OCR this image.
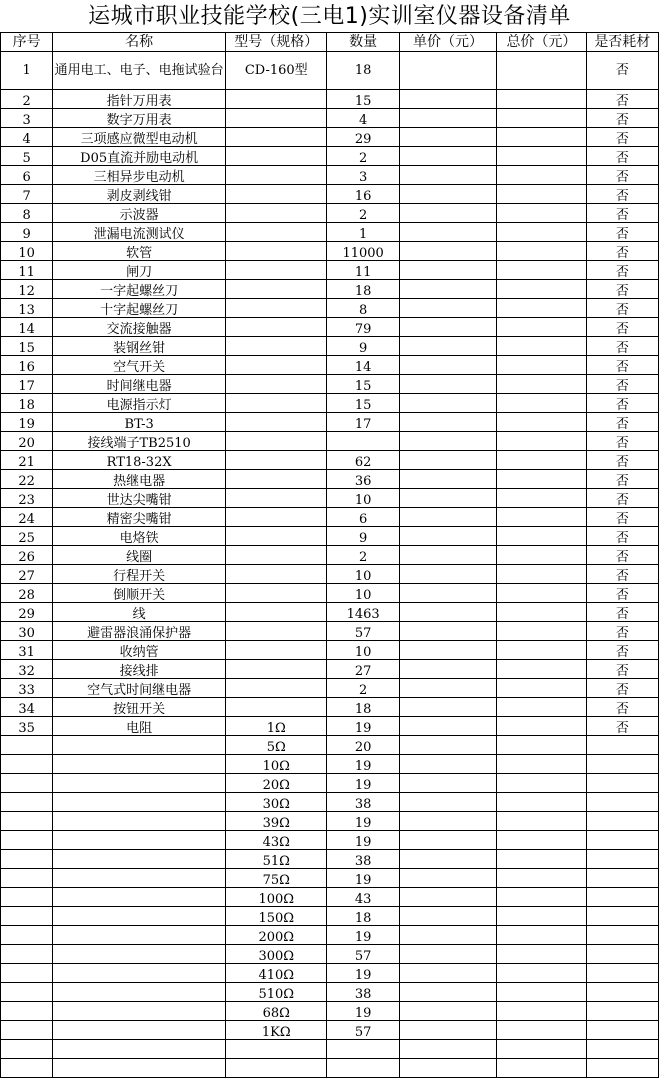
运城市职业技能学校(三电1)实训室仪器设备清单
序号	名称	型号（规格）	数量	单价（元）	总价（元）	是否耗材
1	通用电工、电子、电拖试验台	CD-160型	18			否
2	指针万用表		15			否
3	数字万用表		4			否
4	三项感应微型电动机		29			否
5	D05直流并励电动机		2			否
6	三相异步电动机		3			否
7	剥皮剥线钳		16			否
8	示波器		2			否
9	泄漏电流测试仪		1			否
10	软管		11000			否
11	闸刀		11			否
12	一字起螺丝刀		18			否
13	十字起螺丝刀		8			否
14	交流接触器		79			否
15	装钢丝钳		9			否
16	空气开关		14			否
17	时间继电器		15			否
18	电源指示灯		15			否
19	BT-3		17			否
20	接线端子TB2510					否
21	RT18-32X		62			否
22	热继电器		36			否
23	世达尖嘴钳		10			否
24	精密尖嘴钳		6			否
25	电烙铁		9			否
26	线圈		2			否
27	行程开关		10			否
28	倒顺开关		10			否
29	线		1463			否
30	避雷器浪涌保护器		57			否
31	收纳管		10			否
32	接线排		27			否
33	空气式时间继电器		2			否
34	按钮开关		18			否
35	电阻	1Ω	19			否
		5Ω	20			
		10Ω	19			
		20Ω	19			
		30Ω	38			
		39Ω	19			
		43Ω	19			
		51Ω	38			
		75Ω	19			
		100Ω	43			
		150Ω	18			
		200Ω	19			
		300Ω	57			
		410Ω	19			
		510Ω	38			
		68Ω	19			
		1KΩ	57			
